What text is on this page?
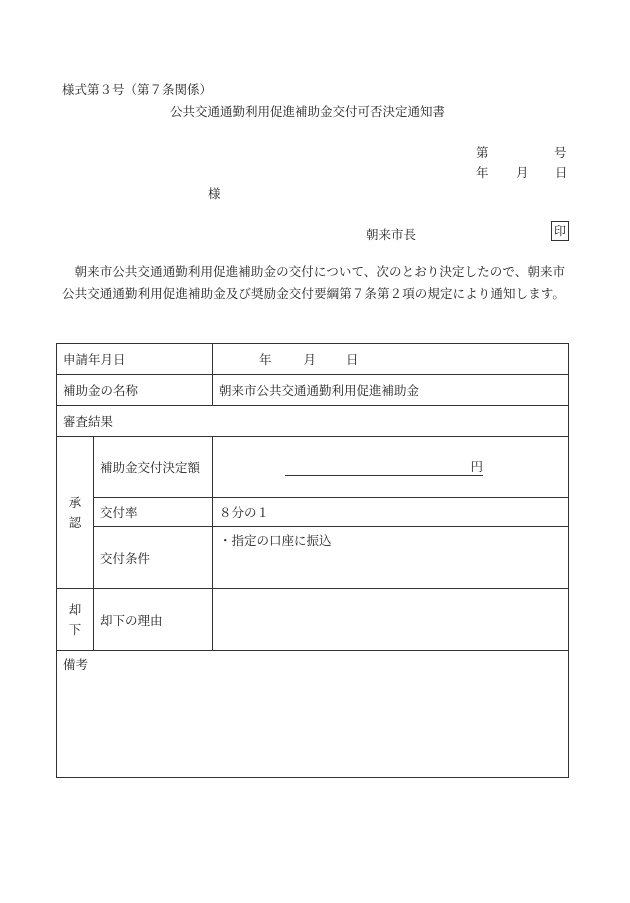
様式第３号（第７条関係）
公共交通通勤利用促進補助金交付可否決定通知書
第	号
年 月 日
様
朝来市長	印
朝来市公共交通通勤利用促進補助金の交付について、次のとおり決定したので、朝来市公共交通通勤利用促進補助金及び奨励金交付要綱第７条第２項の規定により通知します。
申請年月日		年 月 日
補助金の名称		朝来市公共交通通勤利用促進補助金
審査結果		

承
認	補助金交付決定額	円
	交付率	８分の１
	交付条件	・指定の口座に振込

却
下	却下の理由	
備考		
